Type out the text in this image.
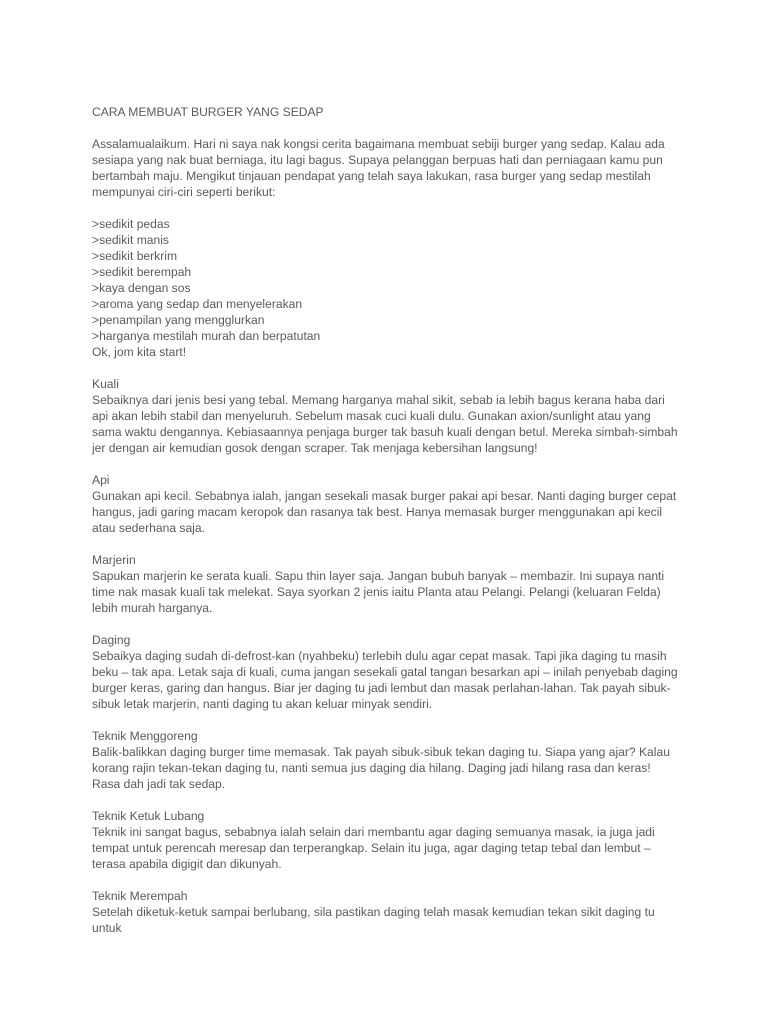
CARA MEMBUAT BURGER YANG SEDAP

Assalamualaikum. Hari ni saya nak kongsi cerita bagaimana membuat sebiji burger yang sedap. Kalau ada sesiapa yang nak buat berniaga, itu lagi bagus. Supaya pelanggan berpuas hati dan perniagaan kamu pun bertambah maju. Mengikut tinjauan pendapat yang telah saya lakukan, rasa burger yang sedap mestilah mempunyai ciri-ciri seperti berikut:

>sedikit pedas
>sedikit manis
>sedikit berkrim
>sedikit berempah
>kaya dengan sos
>aroma yang sedap dan menyelerakan
>penampilan yang mengglurkan
>harganya mestilah murah dan berpatutan

Ok, jom kita start!

Kuali

Sebaiknya dari jenis besi yang tebal. Memang harganya mahal sikit, sebab ia lebih bagus kerana haba dari api akan lebih stabil dan menyeluruh. Sebelum masak cuci kuali dulu. Gunakan axion/sunlight atau yang sama waktu dengannya. Kebiasaannya penjaga burger tak basuh kuali dengan betul. Mereka simbah-simbah jer dengan air kemudian gosok dengan scraper. Tak menjaga kebersihan langsung!

Api

Gunakan api kecil. Sebabnya ialah, jangan sesekali masak burger pakai api besar. Nanti daging burger cepat hangus, jadi garing macam keropok dan rasanya tak best. Hanya memasak burger menggunakan api kecil atau sederhana saja.

Marjerin

Sapukan marjerin ke serata kuali. Sapu thin layer saja. Jangan bubuh banyak – membazir. Ini supaya nanti time nak masak kuali tak melekat. Saya syorkan 2 jenis iaitu Planta atau Pelangi. Pelangi (keluaran Felda) lebih murah harganya.

Daging

Sebaikya daging sudah di-defrost-kan (nyahbeku) terlebih dulu agar cepat masak. Tapi jika daging tu masih beku – tak apa. Letak saja di kuali, cuma jangan sesekali gatal tangan besarkan api – inilah penyebab daging burger keras, garing dan hangus. Biar jer daging tu jadi lembut dan masak perlahan-lahan. Tak payah sibuk-sibuk letak marjerin, nanti daging tu akan keluar minyak sendiri.

Teknik Menggoreng

Balik-balikkan daging burger time memasak. Tak payah sibuk-sibuk tekan daging tu. Siapa yang ajar? Kalau korang rajin tekan-tekan daging tu, nanti semua jus daging dia hilang. Daging jadi hilang rasa dan keras! Rasa dah jadi tak sedap.

Teknik Ketuk Lubang

Teknik ini sangat bagus, sebabnya ialah selain dari membantu agar daging semuanya masak, ia juga jadi tempat untuk perencah meresap dan terperangkap. Selain itu juga, agar daging tetap tebal dan lembut – terasa apabila digigit dan dikunyah.

Teknik Merempah

Setelah diketuk-ketuk sampai berlubang, sila pastikan daging telah masak kemudian tekan sikit daging tu untuk
